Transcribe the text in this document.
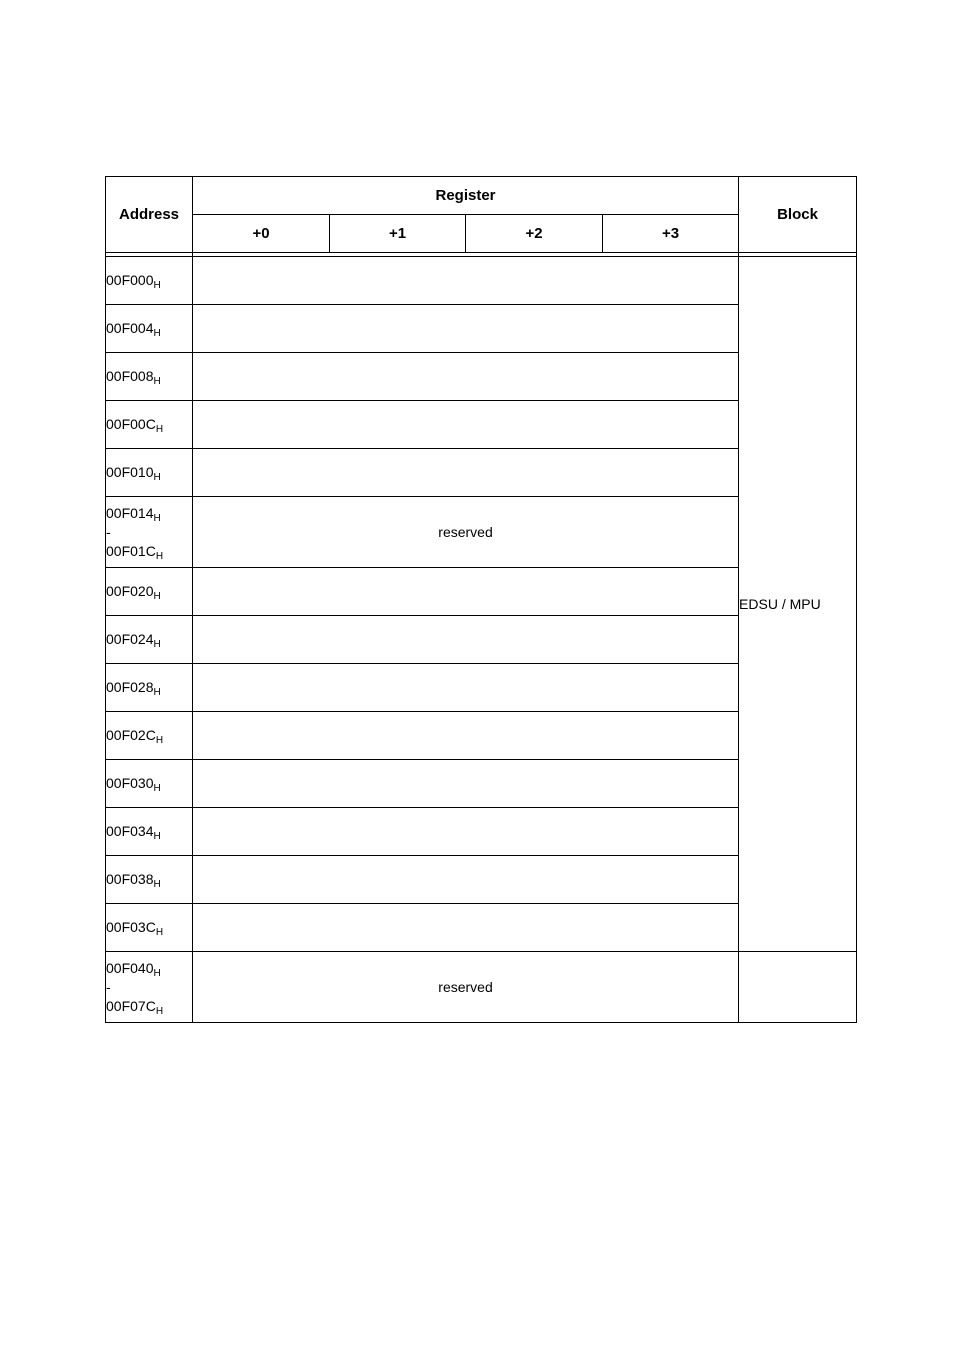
Address	Register				Block
	+0	+1	+2	+3	

$00F000_H$					EDSU / MPU
$00F004_H$	
$00F008_H$	
$00F00C_H$	
$00F010_H$	

$00F014_H$
-
$00F01C_H$	reserved				
$00F020_H$	
$00F024_H$	
$00F028_H$	
$00F02C_H$	
$00F030_H$	
$00F034_H$	
$00F038_H$	
$00F03C_H$	

$00F040_H$
-
$00F07C_H$	reserved				
